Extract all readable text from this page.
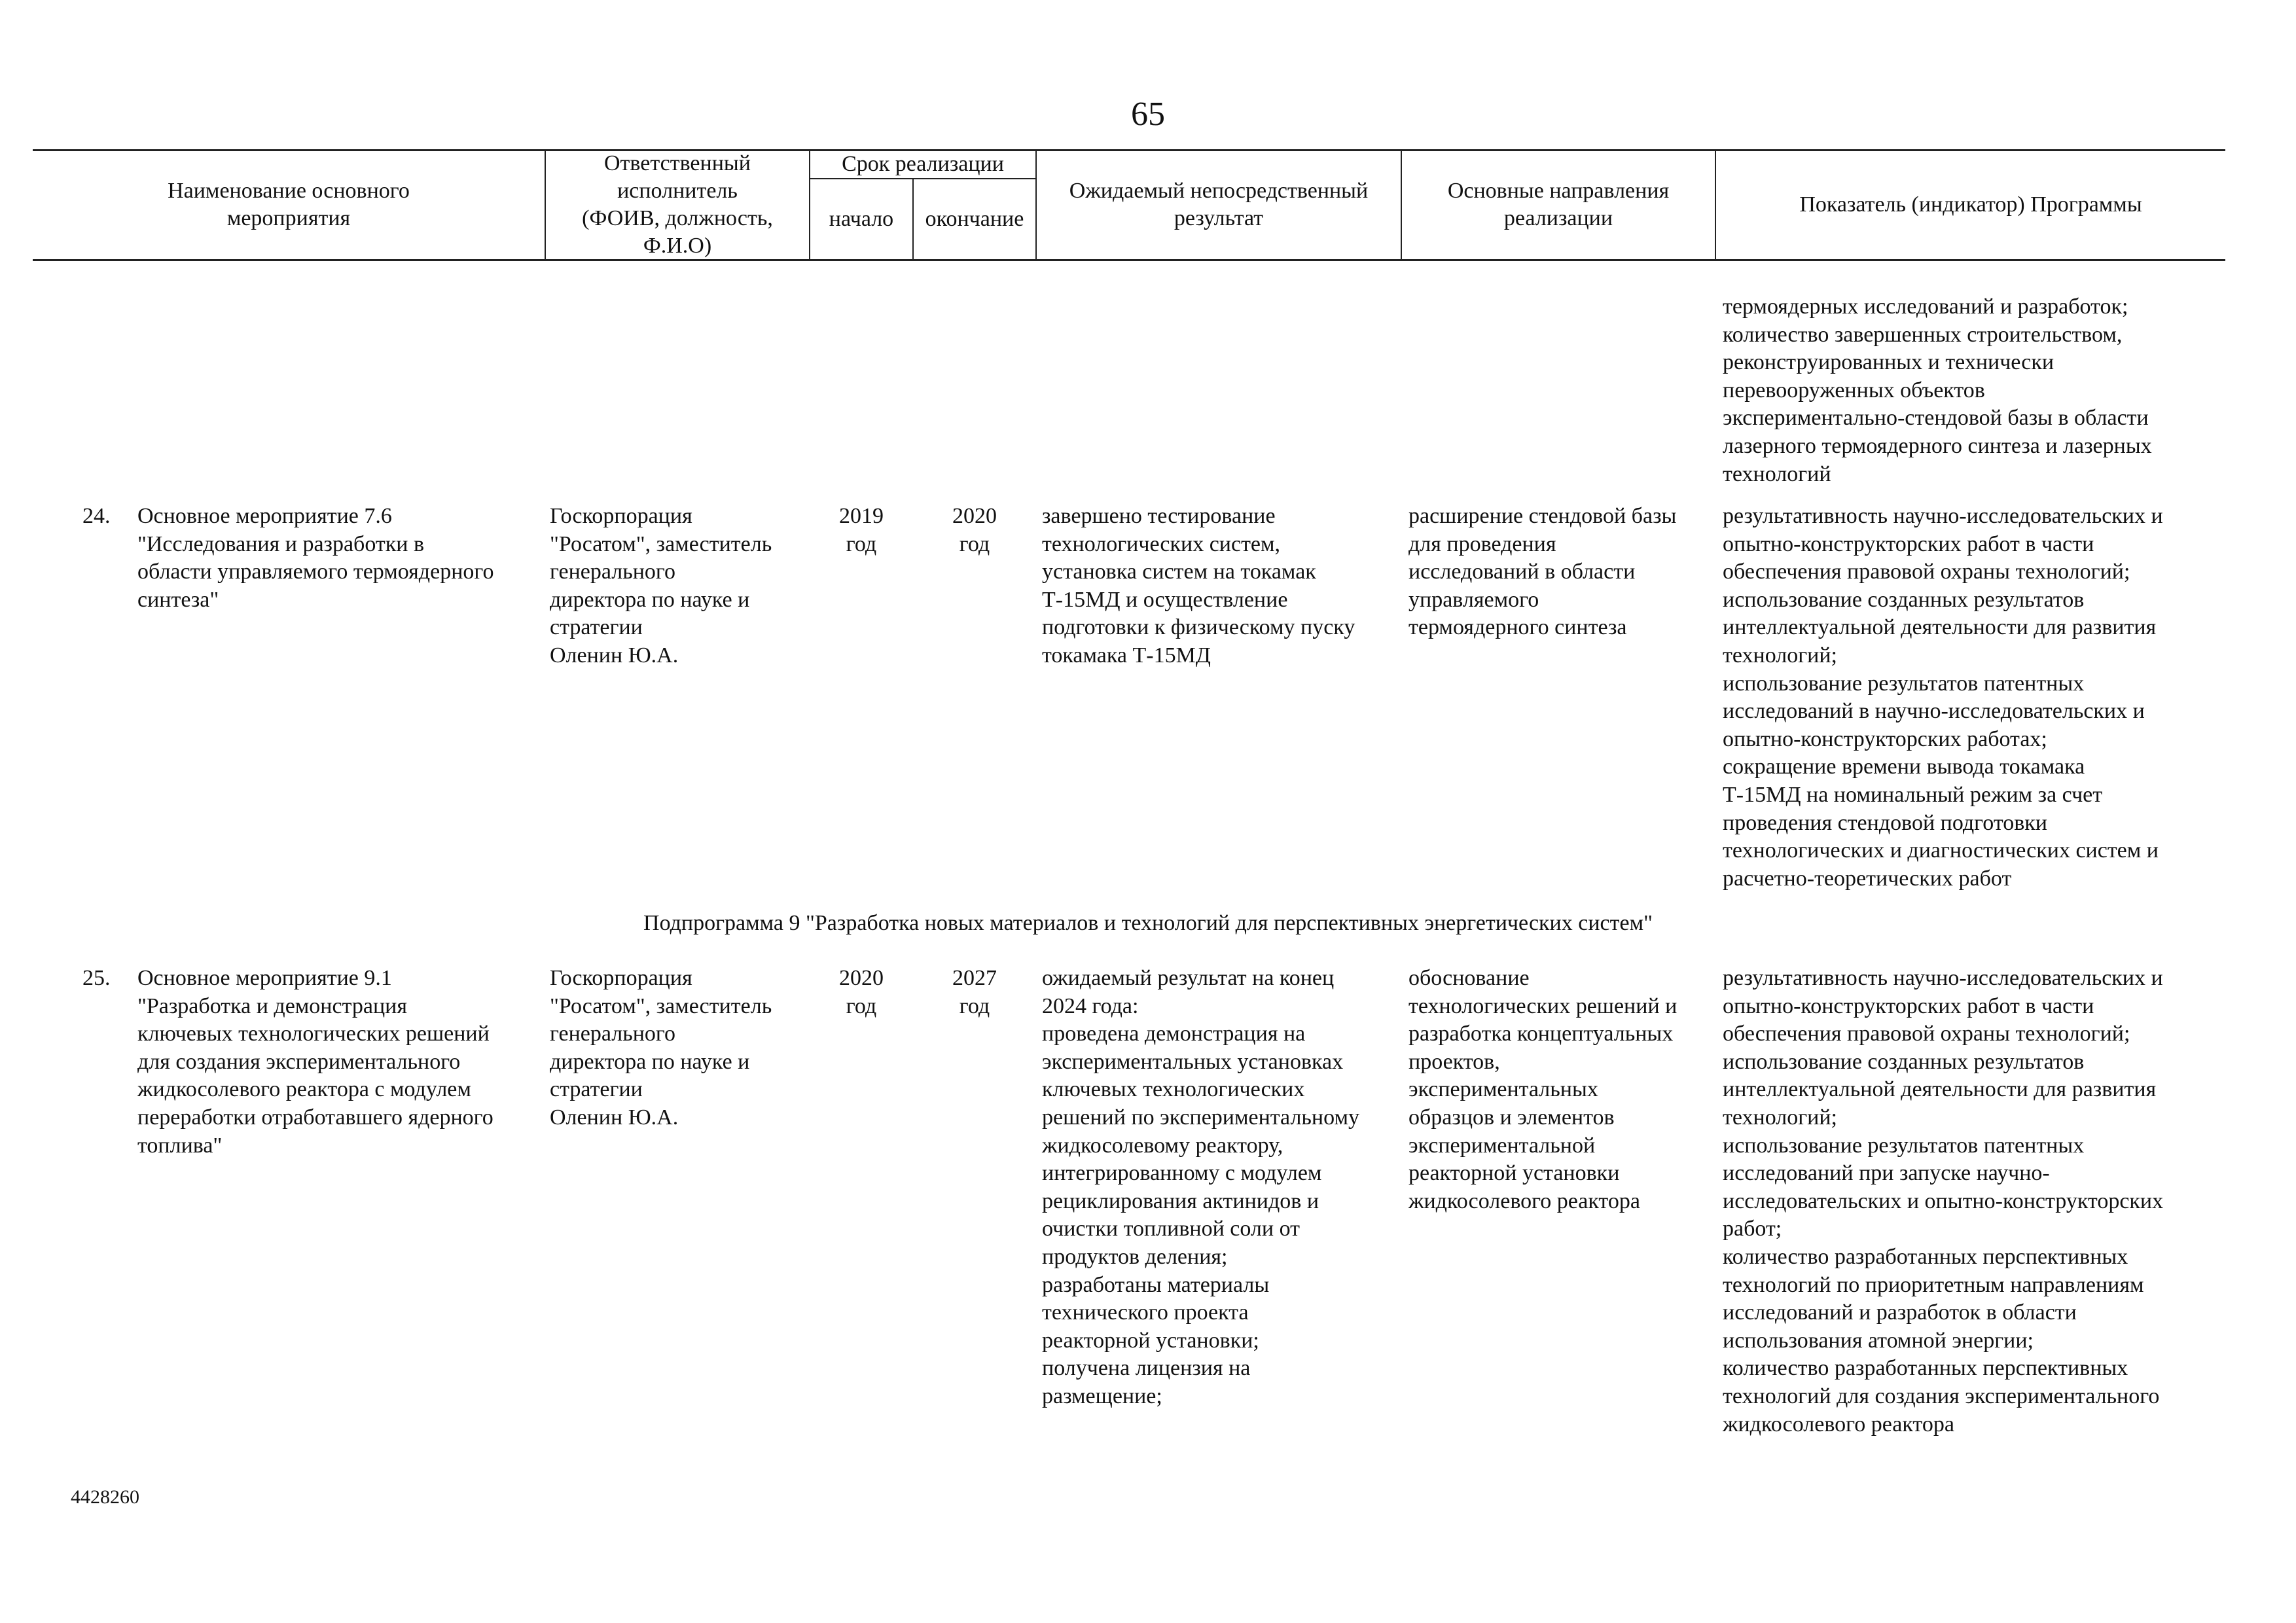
65
Наименование основного
мероприятия
Ответственный
исполнитель
(ФОИВ, должность,
Ф.И.О)
Срок реализации
начало	окончание
Ожидаемый непосредственный
результат
Основные направления
реализации
Показатель (индикатор) Программы
термоядерных исследований и разработок;
количество завершенных строительством,
реконструированных и технически
перевооруженных объектов
экспериментально-стендовой базы в области
лазерного термоядерного синтеза и лазерных
технологий
24. Основное мероприятие 7.6
"Исследования и разработки в
области управляемого термоядерного
синтеза"
Госкорпорация
"Росатом", заместитель
генерального
директора по науке и
стратегии
Оленин Ю.А.
2019
год
2020
год
завершено тестирование
технологических систем,
установка систем на токамак
Т-15МД и осуществление
подготовки к физическому пуску
токамака Т-15МД
расширение стендовой базы
для проведения
исследований в области
управляемого
термоядерного синтеза
результативность научно-исследовательских и
опытно-конструкторских работ в части
обеспечения правовой охраны технологий;
использование созданных результатов
интеллектуальной деятельности для развития
технологий;
использование результатов патентных
исследований в научно-исследовательских и
опытно-конструкторских работах;
сокращение времени вывода токамака
Т-15МД на номинальный режим за счет
проведения стендовой подготовки
технологических и диагностических систем и
расчетно-теоретических работ
Подпрограмма 9 "Разработка новых материалов и технологий для перспективных энергетических систем"
25. Основное мероприятие 9.1
"Разработка и демонстрация
ключевых технологических решений
для создания экспериментального
жидкосолевого реактора с модулем
переработки отработавшего ядерного
топлива"
Госкорпорация
"Росатом", заместитель
генерального
директора по науке и
стратегии
Оленин Ю.А.
2020
год
2027
год
ожидаемый результат на конец
2024 года:
проведена демонстрация на
экспериментальных установках
ключевых технологических
решений по экспериментальному
жидкосолевому реактору,
интегрированному с модулем
рециклирования актинидов и
очистки топливной соли от
продуктов деления;
разработаны материалы
технического проекта
реакторной установки;
получена лицензия на
размещение;
обоснование
технологических решений и
разработка концептуальных
проектов,
экспериментальных
образцов и элементов
экспериментальной
реакторной установки
жидкосолевого реактора
результативность научно-исследовательских и
опытно-конструкторских работ в части
обеспечения правовой охраны технологий;
использование созданных результатов
интеллектуальной деятельности для развития
технологий;
использование результатов патентных
исследований при запуске научно-
исследовательских и опытно-конструкторских
работ;
количество разработанных перспективных
технологий по приоритетным направлениям
исследований и разработок в области
использования атомной энергии;
количество разработанных перспективных
технологий для создания экспериментального
жидкосолевого реактора
4428260
